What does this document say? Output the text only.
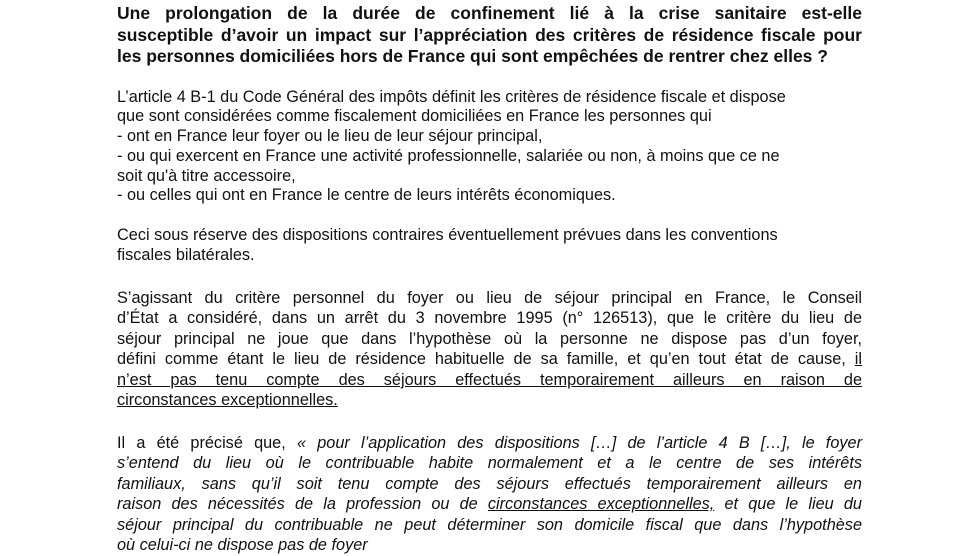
Une prolongation de la durée de confinement lié à la crise sanitaire est-elle
susceptible d’avoir un impact sur l’appréciation des critères de résidence fiscale pour
les personnes domiciliées hors de France qui sont empêchées de rentrer chez elles ?
L’article 4 B-1 du Code Général des impôts définit les critères de résidence fiscale et dispose
que sont considérées comme fiscalement domiciliées en France les personnes qui
- ont en France leur foyer ou le lieu de leur séjour principal,
- ou qui exercent en France une activité professionnelle, salariée ou non, à moins que ce ne
soit qu'à titre accessoire,
- ou celles qui ont en France le centre de leurs intérêts économiques.
Ceci sous réserve des dispositions contraires éventuellement prévues dans les conventions
fiscales bilatérales.
S’agissant du critère personnel du foyer ou lieu de séjour principal en France, le Conseil
d’État a considéré, dans un arrêt du 3 novembre 1995 (n° 126513), que le critère du lieu de
séjour principal ne joue que dans l’hypothèse où la personne ne dispose pas d’un foyer,
défini comme étant le lieu de résidence habituelle de sa famille, et qu’en tout état de cause, il
n’est pas tenu compte des séjours effectués temporairement ailleurs en raison de
circonstances exceptionnelles.
Il a été précisé que, « pour l’application des dispositions […] de l’article 4 B […], le foyer
s’entend du lieu où le contribuable habite normalement et a le centre de ses intérêts
familiaux, sans qu’il soit tenu compte des séjours effectués temporairement ailleurs en
raison des nécessités de la profession ou de circonstances exceptionnelles, et que le lieu du
séjour principal du contribuable ne peut déterminer son domicile fiscal que dans l’hypothèse
où celui-ci ne dispose pas de foyer
